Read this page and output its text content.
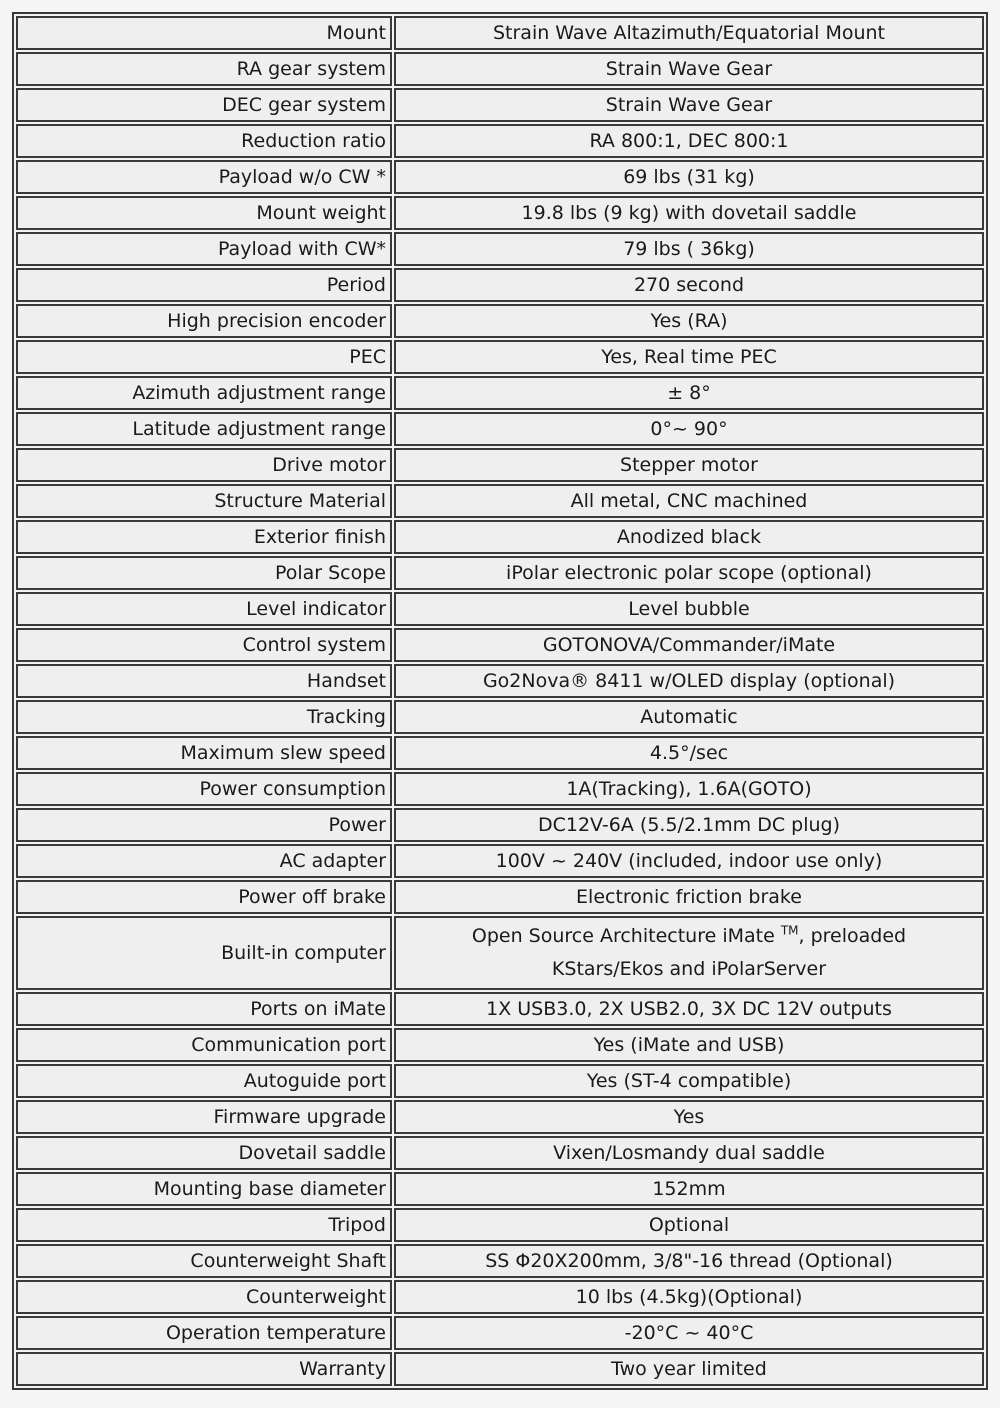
Mount	Strain Wave Altazimuth/Equatorial Mount
RA gear system	Strain Wave Gear
DEC gear system	Strain Wave Gear
Reduction ratio	RA 800:1, DEC 800:1
Payload w/o CW *	69 lbs (31 kg)
Mount weight	19.8 lbs (9 kg) with dovetail saddle
Payload with CW*	79 lbs ( 36kg)
Period	270 second
High precision encoder	Yes (RA)
PEC	Yes, Real time PEC
Azimuth adjustment range	± 8°
Latitude adjustment range	0°~ 90°
Drive motor	Stepper motor
Structure Material	All metal, CNC machined
Exterior finish	Anodized black
Polar Scope	iPolar electronic polar scope (optional)
Level indicator	Level bubble
Control system	GOTONOVA/Commander/iMate
Handset	Go2Nova® 8411 w/OLED display (optional)
Tracking	Automatic
Maximum slew speed	4.5°/sec
Power consumption	1A(Tracking), 1.6A(GOTO)
Power	DC12V-6A (5.5/2.1mm DC plug)
AC adapter	100V ~ 240V (included, indoor use only)
Power off brake	Electronic friction brake
Built-in computer	Open Source Architecture iMate ™, preloaded
KStars/Ekos and iPolarServer

Ports on iMate	1X USB3.0, 2X USB2.0, 3X DC 12V outputs
Communication port	Yes (iMate and USB)
Autoguide port	Yes (ST-4 compatible)
Firmware upgrade	Yes
Dovetail saddle	Vixen/Losmandy dual saddle
Mounting base diameter	152mm
Tripod	Optional
Counterweight Shaft	SS Φ20X200mm, 3/8"-16 thread (Optional)
Counterweight	10 lbs (4.5kg)(Optional)
Operation temperature	-20°C ~ 40°C
Warranty	Two year limited
